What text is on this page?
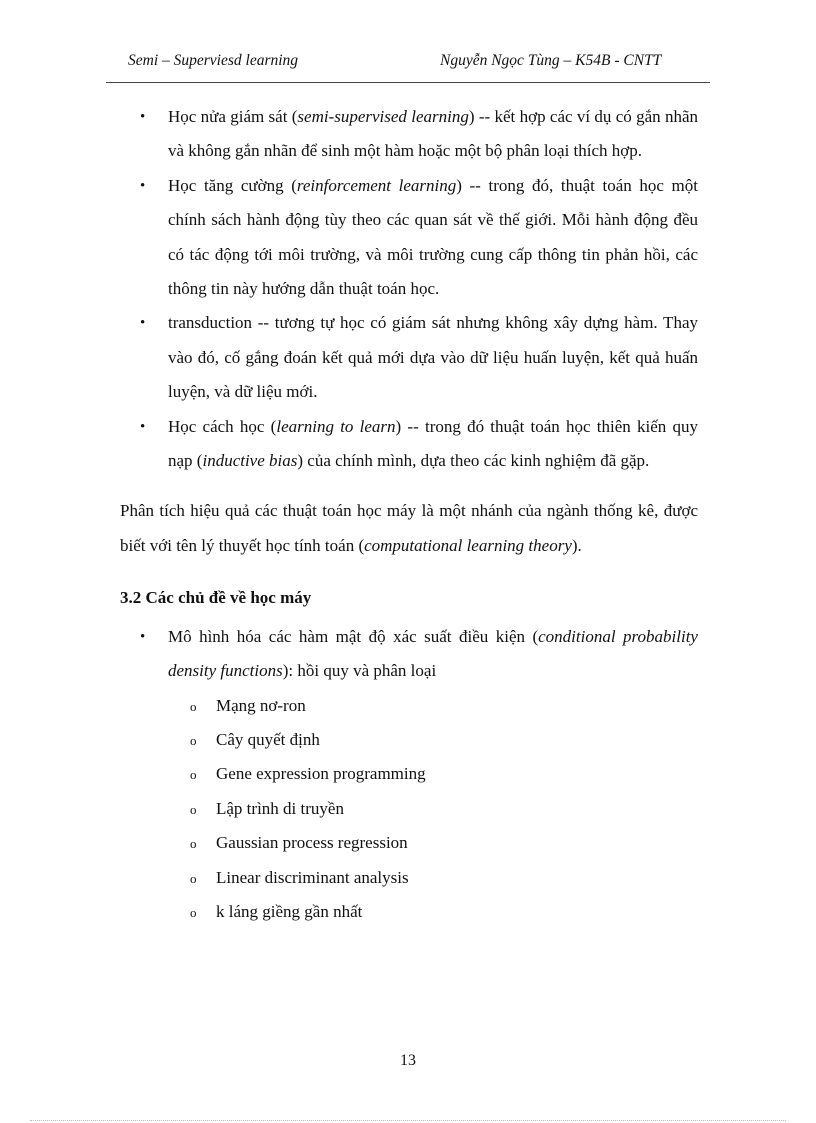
Semi – Superviesd learning	Nguyễn Ngọc Tùng – K54B - CNTT
• Học nửa giám sát (semi-supervised learning) -- kết hợp các ví dụ có gắn nhãn và không gắn nhãn để sinh một hàm hoặc một bộ phân loại thích hợp.
• Học tăng cường (reinforcement learning) -- trong đó, thuật toán học một chính sách hành động tùy theo các quan sát về thế giới. Mỗi hành động đều có tác động tới môi trường, và môi trường cung cấp thông tin phản hồi, các thông tin này hướng dẫn thuật toán học.
• transduction -- tương tự học có giám sát nhưng không xây dựng hàm. Thay vào đó, cố gắng đoán kết quả mới dựa vào dữ liệu huấn luyện, kết quả huấn luyện, và dữ liệu mới.
• Học cách học (learning to learn) -- trong đó thuật toán học thiên kiến quy nạp (inductive bias) của chính mình, dựa theo các kinh nghiệm đã gặp.

Phân tích hiệu quả các thuật toán học máy là một nhánh của ngành thống kê, được biết với tên lý thuyết học tính toán (computational learning theory).

3.2 Các chủ đề về học máy
• Mô hình hóa các hàm mật độ xác suất điều kiện (conditional probability density functions): hồi quy và phân loại
o Mạng nơ-ron
o Cây quyết định
o Gene expression programming
o Lập trình di truyền
o Gaussian process regression
o Linear discriminant analysis
o k láng giềng gần nhất
13
